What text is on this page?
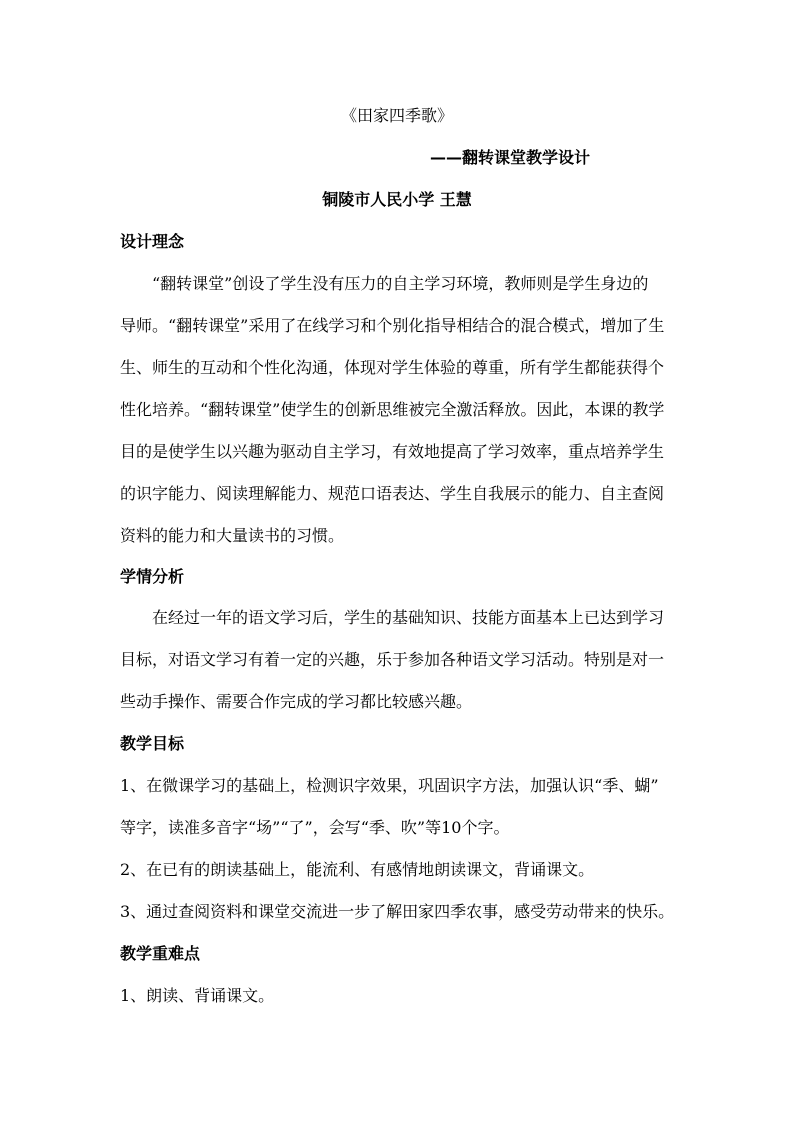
《田家四季歌》
——翻转课堂教学设计
铜陵市人民小学 王慧
设计理念
“翻转课堂”创设了学生没有压力的自主学习环境，教师则是学生身边的
导师。“翻转课堂”采用了在线学习和个别化指导相结合的混合模式，增加了生
生、师生的互动和个性化沟通，体现对学生体验的尊重，所有学生都能获得个
性化培养。“翻转课堂”使学生的创新思维被完全激活释放。因此，本课的教学
目的是使学生以兴趣为驱动自主学习，有效地提高了学习效率，重点培养学生
的识字能力、阅读理解能力、规范口语表达、学生自我展示的能力、自主查阅
资料的能力和大量读书的习惯。
学情分析
在经过一年的语文学习后，学生的基础知识、技能方面基本上已达到学习
目标，对语文学习有着一定的兴趣，乐于参加各种语文学习活动。特别是对一
些动手操作、需要合作完成的学习都比较感兴趣。
教学目标
1、在微课学习的基础上，检测识字效果，巩固识字方法，加强认识“季、蝴”
等字，读准多音字“场”“了”，会写“季、吹”等10个字。
2、在已有的朗读基础上，能流利、有感情地朗读课文，背诵课文。
3、通过查阅资料和课堂交流进一步了解田家四季农事，感受劳动带来的快乐。
教学重难点
1、朗读、背诵课文。
